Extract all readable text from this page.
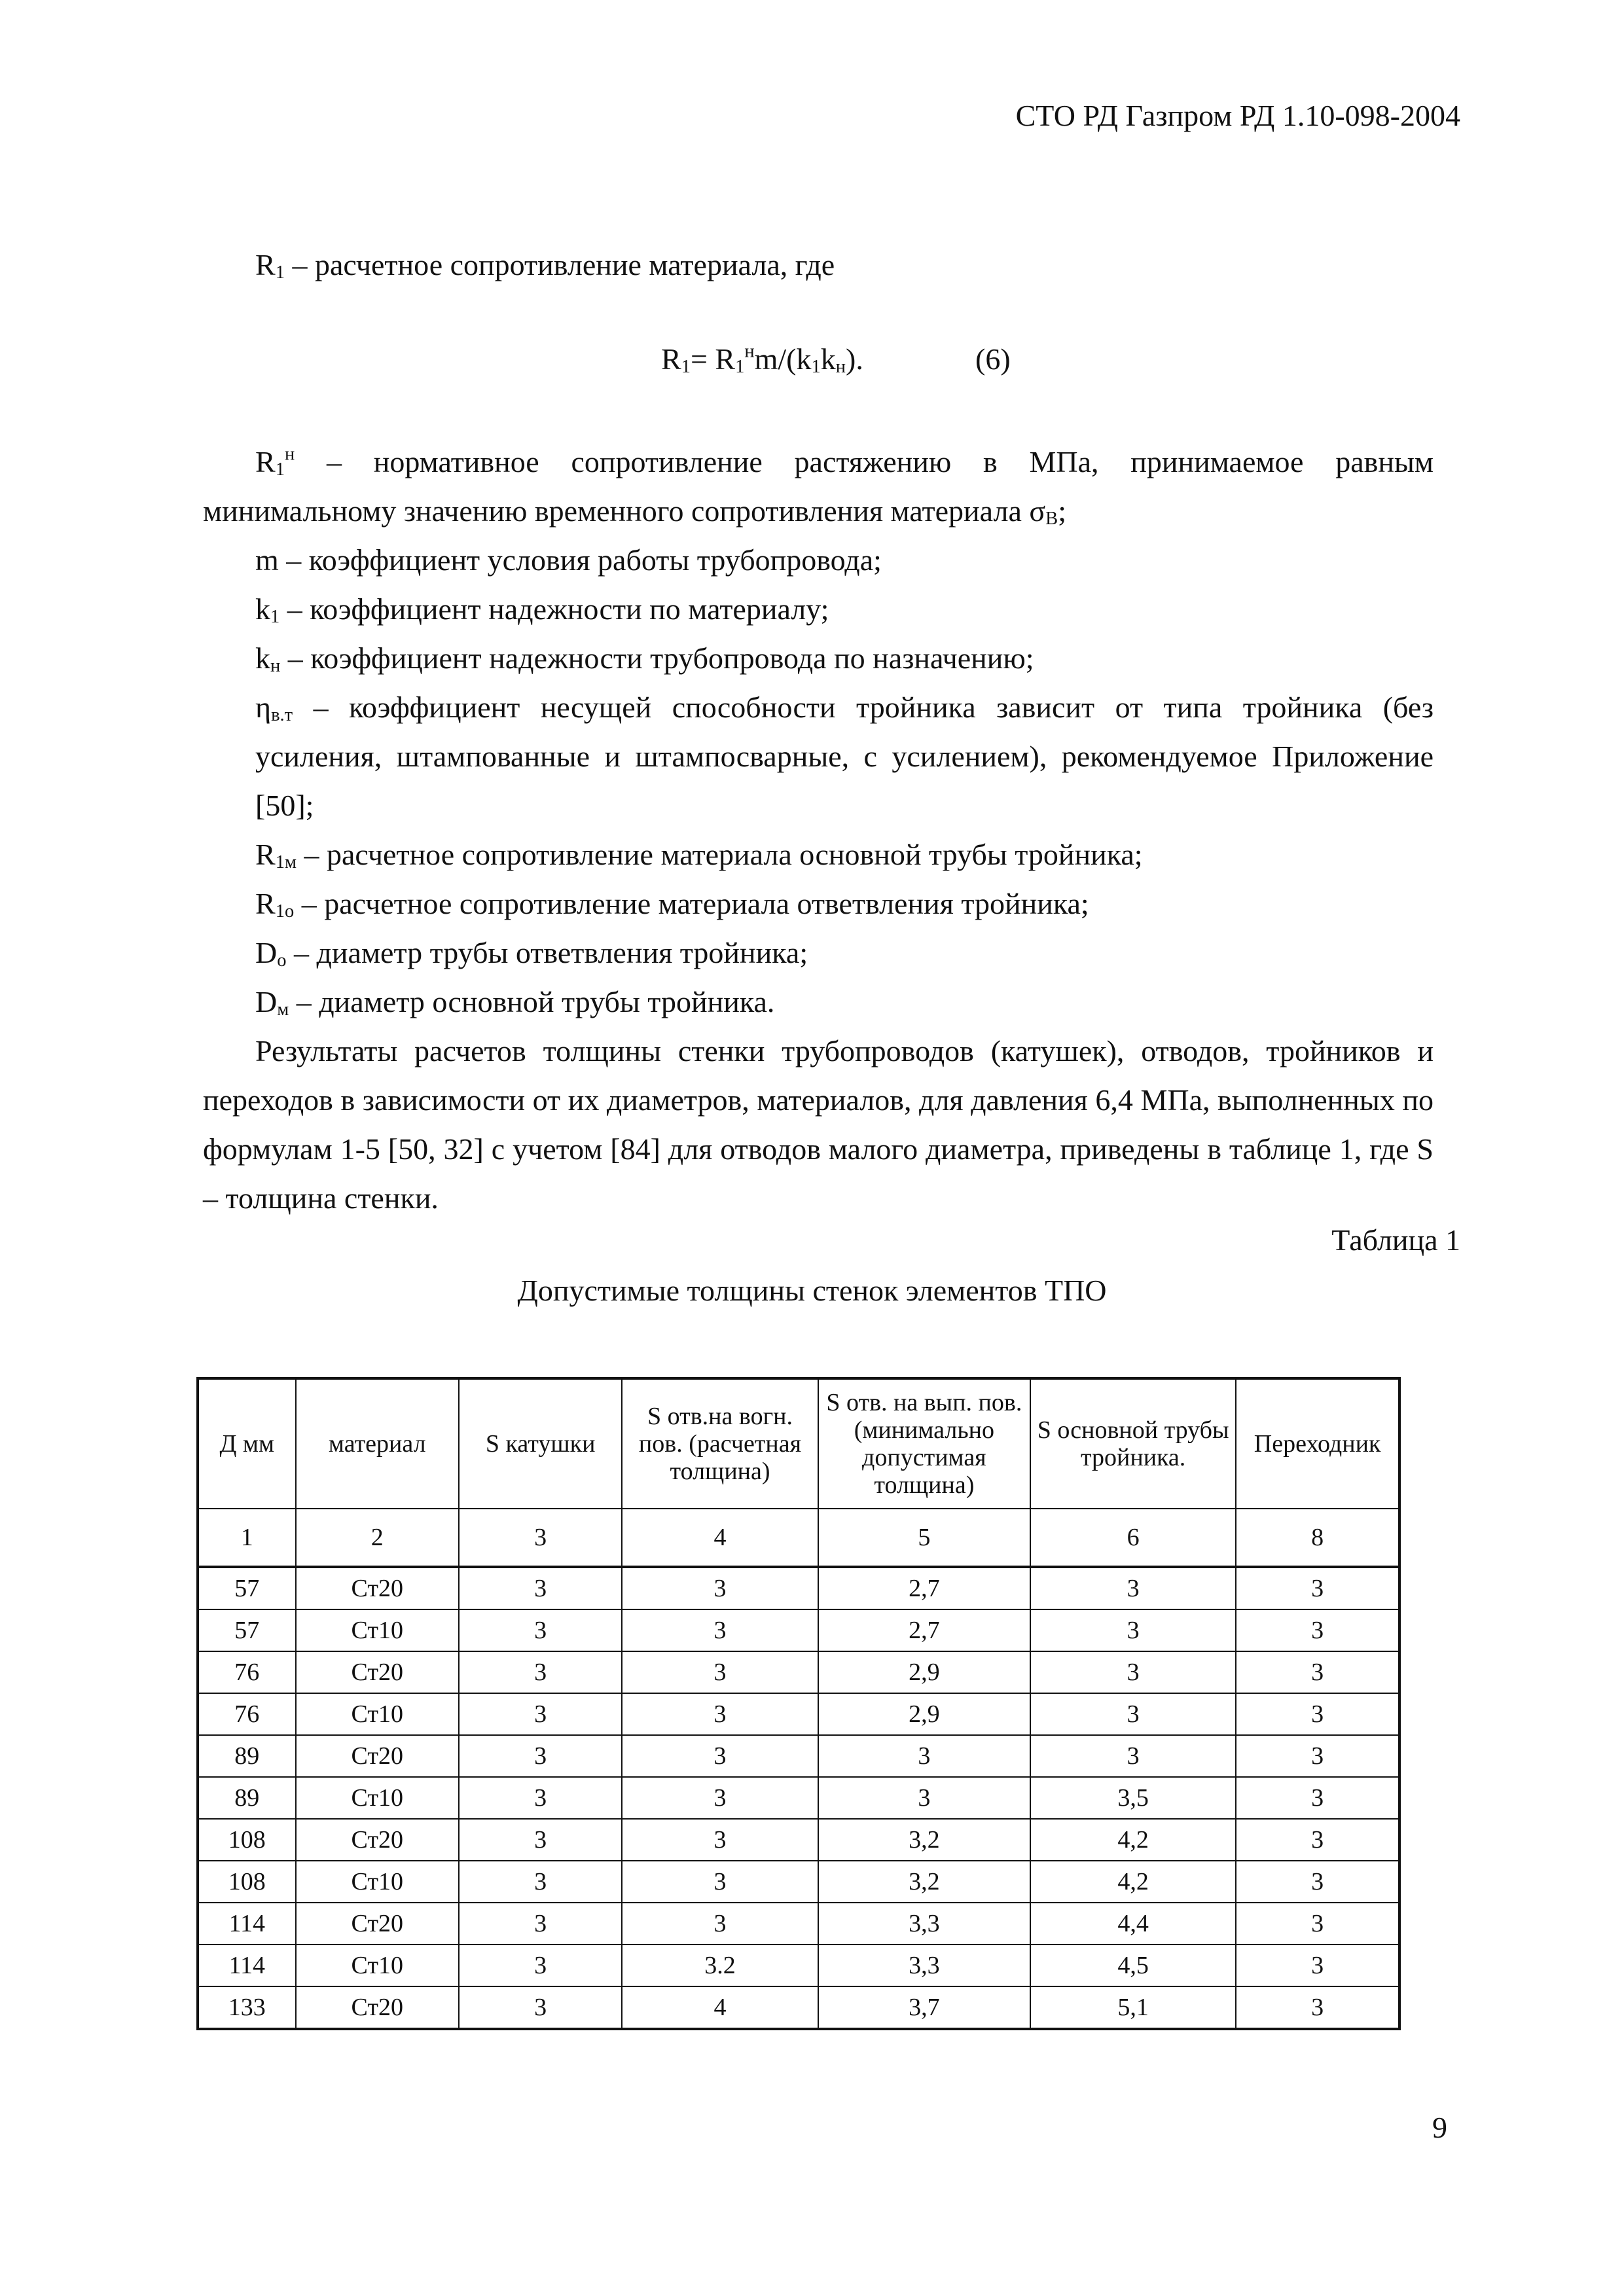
СТО РД Газпром РД 1.10-098-2004
$R_1$ – расчетное сопротивление материала, где
$R_1= R_1^нm/(k_1k_н)$.	(6)

$R_1^н$ – нормативное сопротивление растяжению в МПа, принимаемое равным минимальному значению временного сопротивления материала $\sigma_В$;

m – коэффициент условия работы трубопровода;

$k_1$ – коэффициент надежности по материалу;

$k_н$ – коэффициент надежности трубопровода по назначению;

$\eta_{в.т}$ – коэффициент несущей способности тройника зависит от типа тройника (без усиления, штампованные и штампосварные, с усилением), рекомендуемое Приложение [50];

$R_{1м}$ – расчетное сопротивление материала основной трубы тройника;

$R_{1о}$ – расчетное сопротивление материала ответвления тройника;

$D_о$ – диаметр трубы ответвления тройника;

$D_м$ – диаметр основной трубы тройника.

Результаты расчетов толщины стенки трубопроводов (катушек), отводов, тройников и переходов в зависимости от их диаметров, материалов, для давления 6,4 МПа, выполненных по формулам 1-5 [50, 32] с учетом [84] для отводов малого диаметра, приведены в таблице 1, где S – толщина стенки.

Таблица 1
Допустимые толщины стенок элементов ТПО
Д мм	материал	S катушки	S отв.на вогн. пов. (расчетная толщина)	S отв. на вып. пов. (минимально допустимая толщина)	S основной трубы тройника.	Переходник
1	2	3	4	5	6	8
57	Ст20	3	3	2,7	3	3
57	Ст10	3	3	2,7	3	3
76	Ст20	3	3	2,9	3	3
76	Ст10	3	3	2,9	3	3
89	Ст20	3	3	3	3	3
89	Ст10	3	3	3	3,5	3
108	Ст20	3	3	3,2	4,2	3
108	Ст10	3	3	3,2	4,2	3
114	Ст20	3	3	3,3	4,4	3
114	Ст10	3	3.2	3,3	4,5	3
133	Ст20	3	4	3,7	5,1	3
9
